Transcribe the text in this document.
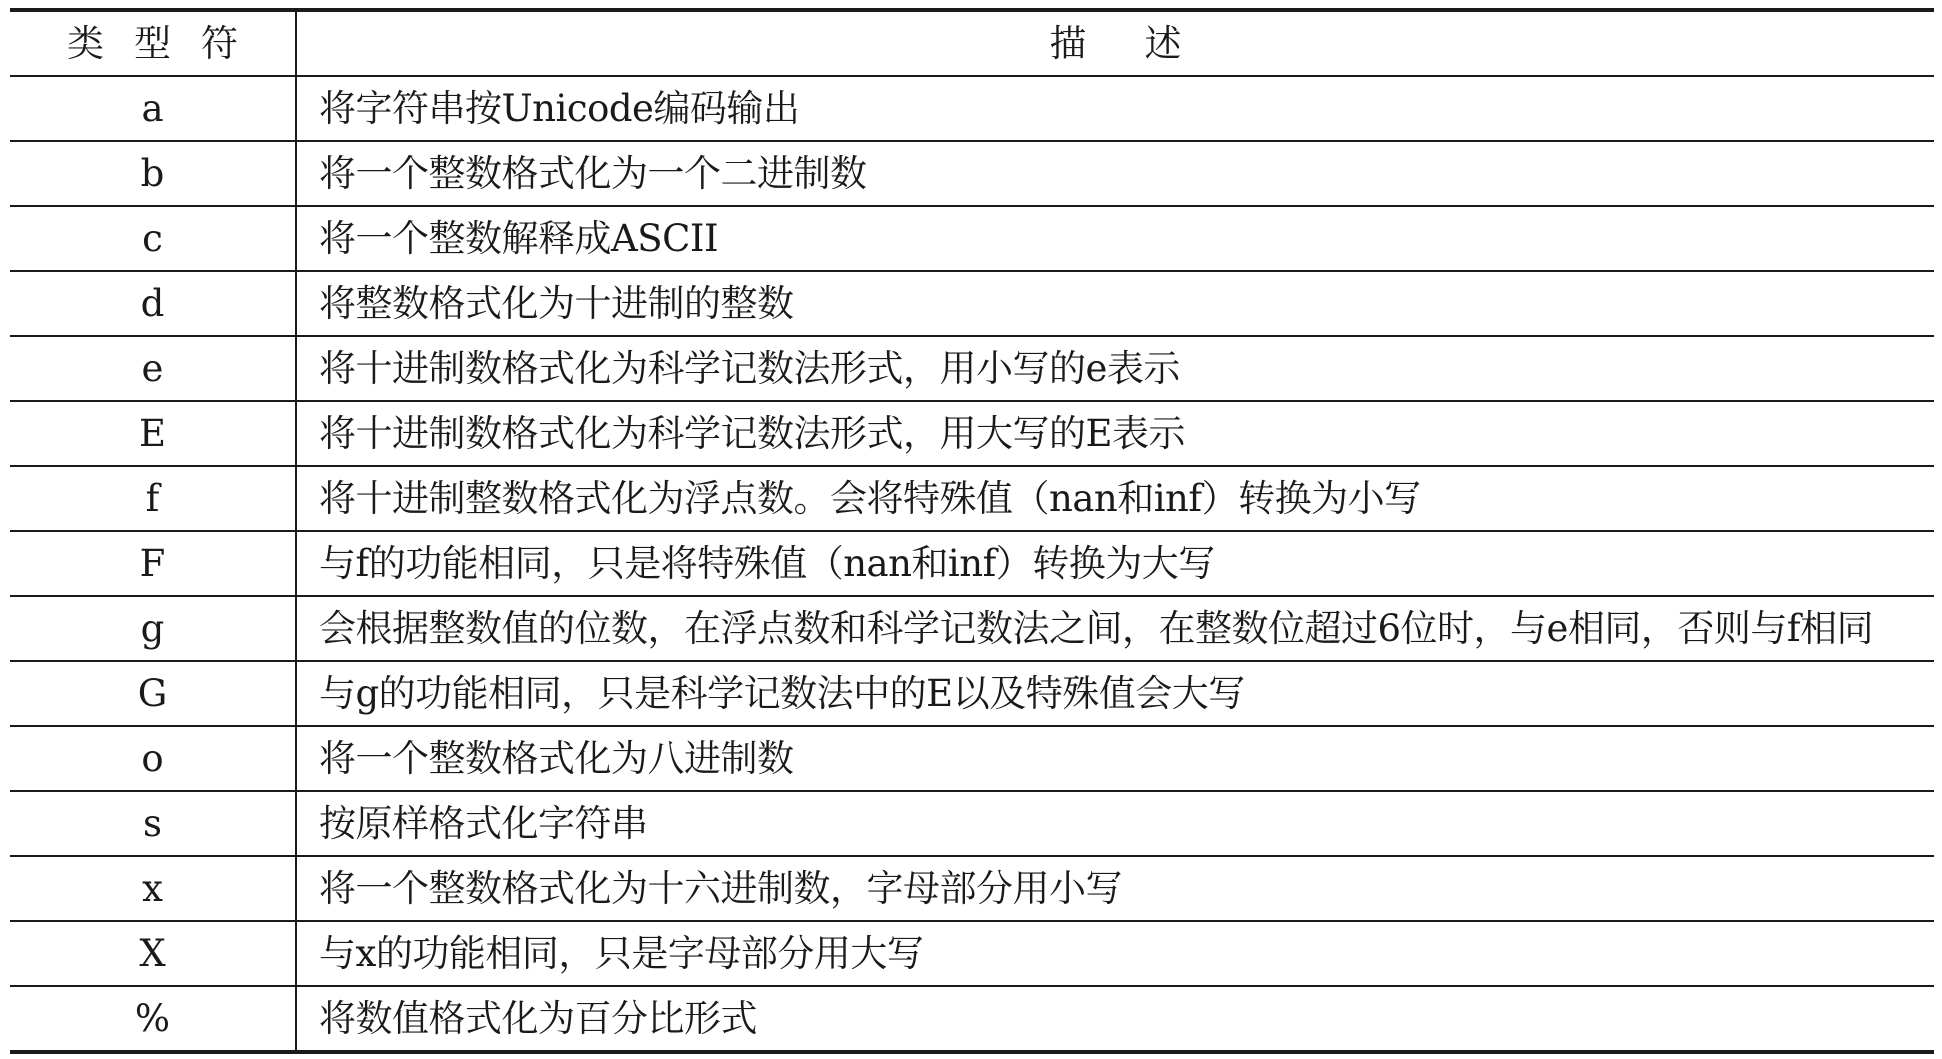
类型符	描述
a	将字符串按Unicode编码输出
b	将一个整数格式化为一个二进制数
c	将一个整数解释成ASCII
d	将整数格式化为十进制的整数
e	将十进制数格式化为科学记数法形式，用小写的e表示
E	将十进制数格式化为科学记数法形式，用大写的E表示
f	将十进制整数格式化为浮点数。会将特殊值（nan和inf）转换为小写
F	与f的功能相同，只是将特殊值（nan和inf）转换为大写
g	会根据整数值的位数，在浮点数和科学记数法之间，在整数位超过6位时，与e相同，否则与f相同
G	与g的功能相同，只是科学记数法中的E以及特殊值会大写
o	将一个整数格式化为八进制数
s	按原样格式化字符串
x	将一个整数格式化为十六进制数，字母部分用小写
X	与x的功能相同，只是字母部分用大写
%	将数值格式化为百分比形式
